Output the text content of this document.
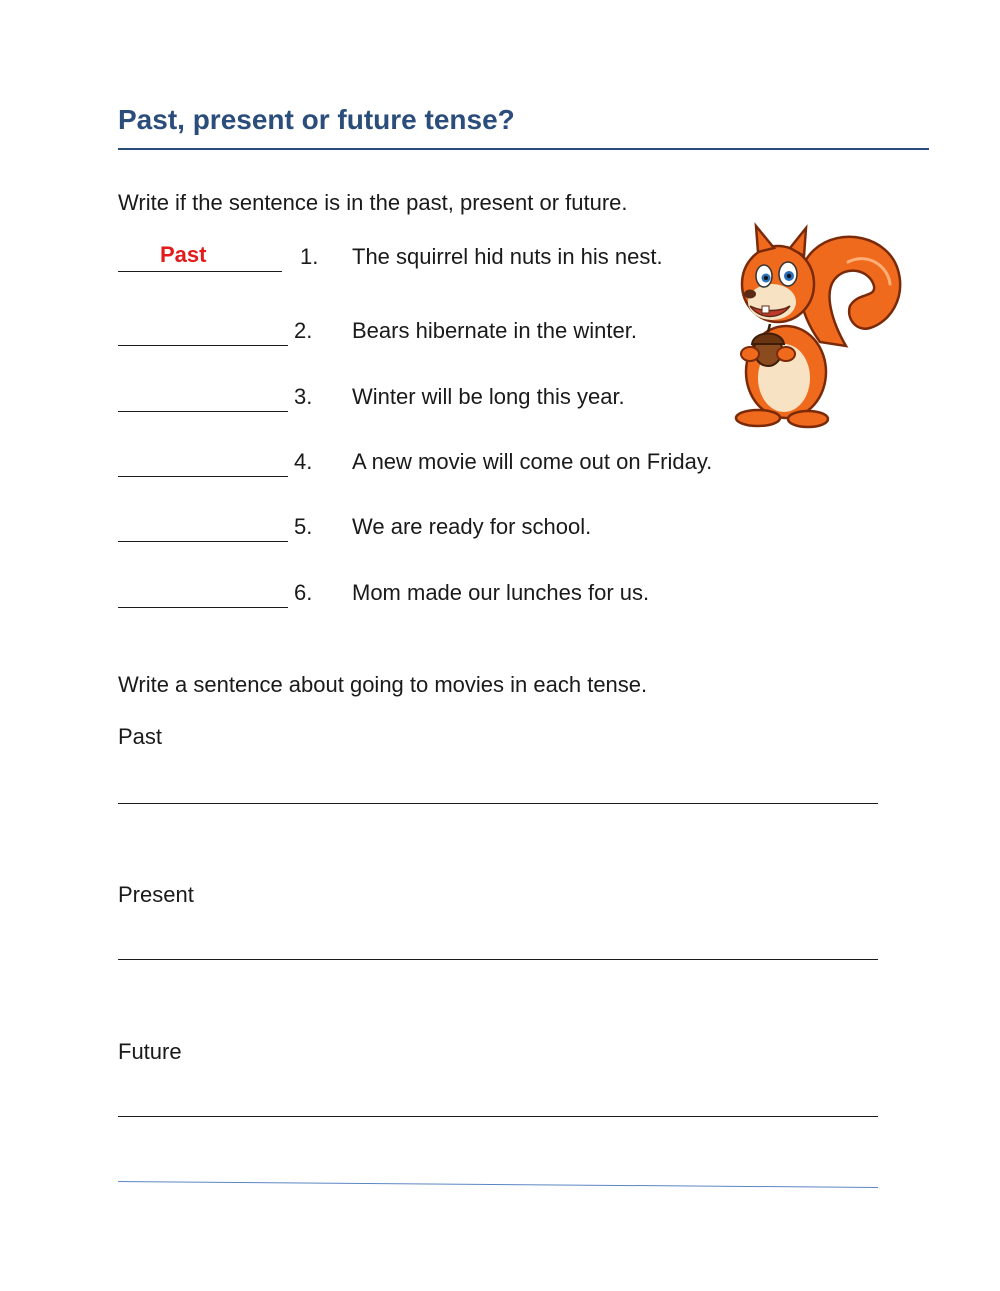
Past, present or future tense?
Write if the sentence is in the past, present or future.
Past	1. The squirrel hid nuts in his nest.
2. Bears hibernate in the winter.
3. Winter will be long this year.
4. A new movie will come out on Friday.
5. We are ready for school.
6. Mom made our lunches for us.
Write a sentence about going to movies in each tense.
Past
Present
Future
